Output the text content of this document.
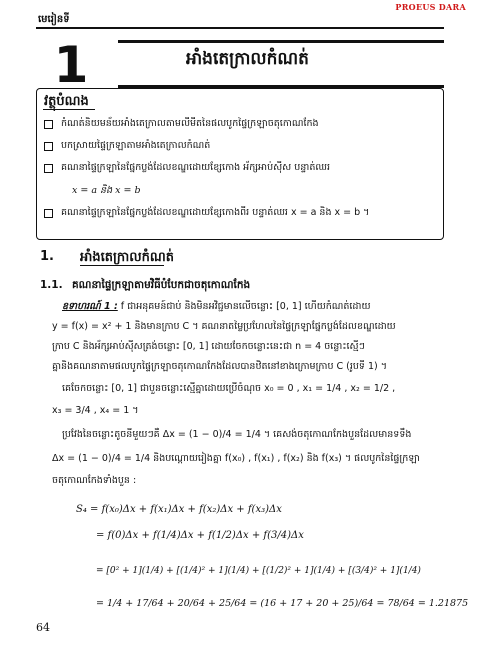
PROEUS DARA
មេរៀនទី
1	អាំងតេក្រាលកំណត់
វត្ថុបំណង
កំណត់និយមន័យអាំងតេក្រាលតាមលីមីតនៃផលបូកផ្ទៃក្រឡាចតុកោណកែង
បកស្រាយផ្ទៃក្រឡាតាមអាំងតេក្រាលកំណត់
គណនាផ្ទៃក្រឡានៃផ្នែកប្លង់ដែលខណ្ឌដោយខ្សែកោង អ័ក្សអាប់ស៊ីស បន្ទាត់ឈរ
x = a និង x = b
គណនាផ្ទៃក្រឡានៃផ្នែកប្លង់ដែលខណ្ឌដោយខ្សែកោងពីរ បន្ទាត់ឈរ x = a និង x = b ។
1. អាំងតេក្រាលកំណត់
1.1. គណនាផ្ទៃក្រឡាតាមវិធីបំបែកជាចតុកោណកែង
ឧទាហរណ៍ 1 : f ជាអនុគមន៍ជាប់ និងមិនអវិជ្ជមានលើចន្លោះ [0, 1] ហើយកំណត់ដោយ
y = f(x) = x² + 1 និងមានក្រាប C ។ គណនាតម្លៃប្រហែលនៃផ្ទៃក្រឡាផ្នែកប្លង់ដែលខណ្ឌដោយ
ក្រាប C និងអ័ក្សអាប់ស៊ីសត្រង់ចន្លោះ [0, 1] ដោយចែកចន្លោះនេះជា n = 4 ចន្លោះស្មើៗ
គ្នានិងគណនាតាមផលបូកផ្ទៃក្រឡាចតុកោណកែងដែលបានឋិតនៅខាងក្រោមក្រាប C (រូបទី 1) ។
គេចែកចន្លោះ [0, 1] ជាបួនចន្លោះស្មើគ្នាដោយប្រើចំណុច x₀ = 0 , x₁ = 1/4 , x₂ = 1/2 ,
x₃ = 3/4 , x₄ = 1 ។
ប្រវែងនៃចន្លោះតូចនីមួយៗគឺ Δx = (1 − 0)/4 = 1/4 ។ គេសង់ចតុកោណកែងបួនដែលមានទទឹង
Δx = (1 − 0)/4 = 1/4 និងបណ្តោយរៀងគ្នា f(x₀) , f(x₁) , f(x₂) និង f(x₃) ។ ផលបូកនៃផ្ទៃក្រឡា
ចតុកោណកែងទាំងបួន :
S₄ = f(x₀)Δx + f(x₁)Δx + f(x₂)Δx + f(x₃)Δx
= f(0)Δx + f(1/4)Δx + f(1/2)Δx + f(3/4)Δx
= [0² + 1](1/4) + [(1/4)² + 1](1/4) + [(1/2)² + 1](1/4) + [(3/4)² + 1](1/4)
= 1/4 + 17/64 + 20/64 + 25/64 = (16 + 17 + 20 + 25)/64 = 78/64 = 1.21875
64
